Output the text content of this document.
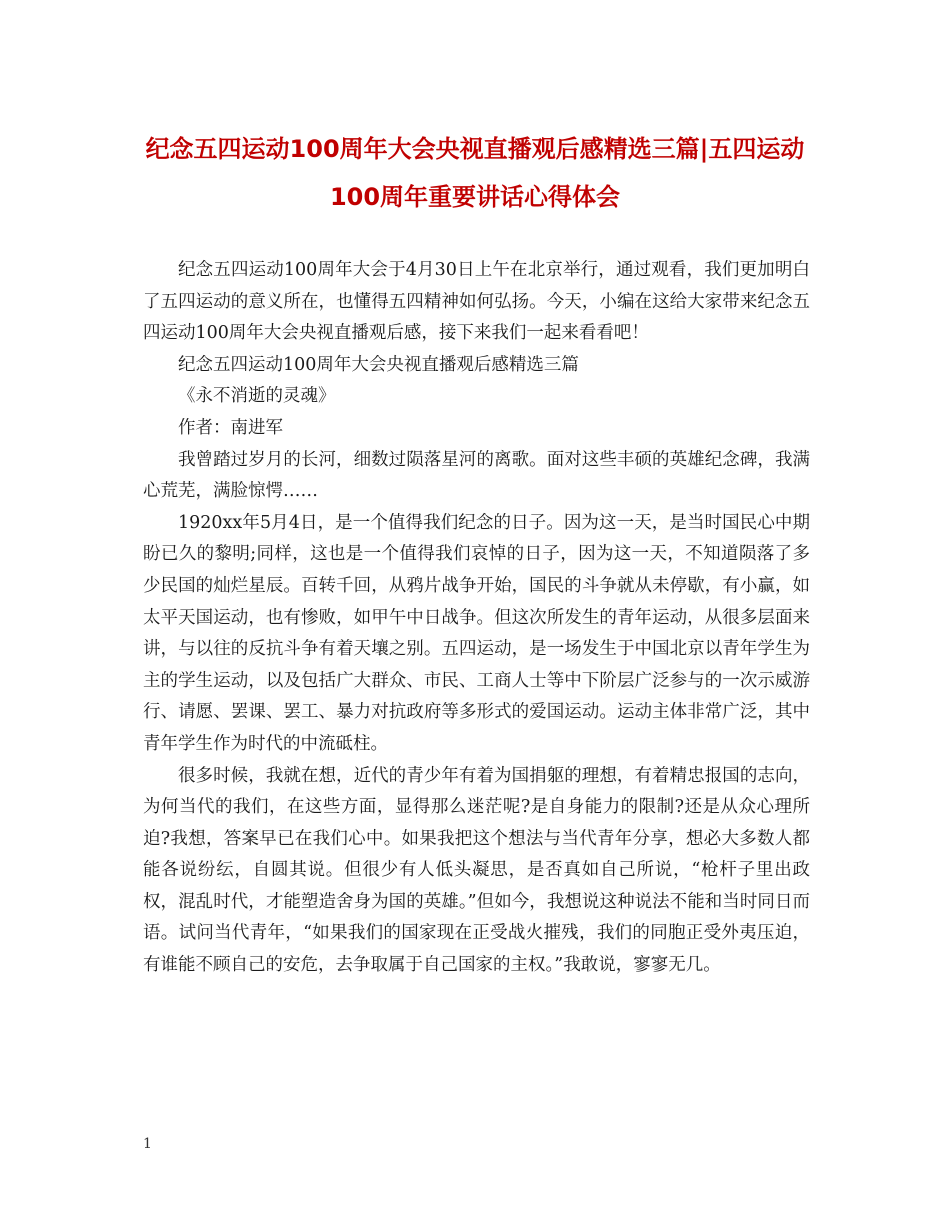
纪念五四运动100周年大会央视直播观后感精选三篇|五四运动100周年重要讲话心得体会

纪念五四运动100周年大会于4月30日上午在北京举行，通过观看，我们更加明白了五四运动的意义所在，也懂得五四精神如何弘扬。今天，小编在这给大家带来纪念五四运动100周年大会央视直播观后感，接下来我们一起来看看吧！

纪念五四运动100周年大会央视直播观后感精选三篇

《永不消逝的灵魂》

作者：南进军

我曾踏过岁月的长河，细数过陨落星河的离歌。面对这些丰硕的英雄纪念碑，我满心荒芜，满脸惊愕……

1920xx年5月4日，是一个值得我们纪念的日子。因为这一天，是当时国民心中期盼已久的黎明;同样，这也是一个值得我们哀悼的日子，因为这一天，不知道陨落了多少民国的灿烂星辰。百转千回，从鸦片战争开始，国民的斗争就从未停歇，有小赢，如太平天国运动，也有惨败，如甲午中日战争。但这次所发生的青年运动，从很多层面来讲，与以往的反抗斗争有着天壤之别。五四运动，是一场发生于中国北京以青年学生为主的学生运动，以及包括广大群众、市民、工商人士等中下阶层广泛参与的一次示威游行、请愿、罢课、罢工、暴力对抗政府等多形式的爱国运动。运动主体非常广泛，其中青年学生作为时代的中流砥柱。

很多时候，我就在想，近代的青少年有着为国捐躯的理想，有着精忠报国的志向，为何当代的我们，在这些方面，显得那么迷茫呢?是自身能力的限制?还是从众心理所迫?我想，答案早已在我们心中。如果我把这个想法与当代青年分享，想必大多数人都能各说纷纭，自圆其说。但很少有人低头凝思，是否真如自己所说，“枪杆子里出政权，混乱时代，才能塑造舍身为国的英雄。”但如今，我想说这种说法不能和当时同日而语。试问当代青年，“如果我们的国家现在正受战火摧残，我们的同胞正受外夷压迫，有谁能不顾自己的安危，去争取属于自己国家的主权。”我敢说，寥寥无几。

1
